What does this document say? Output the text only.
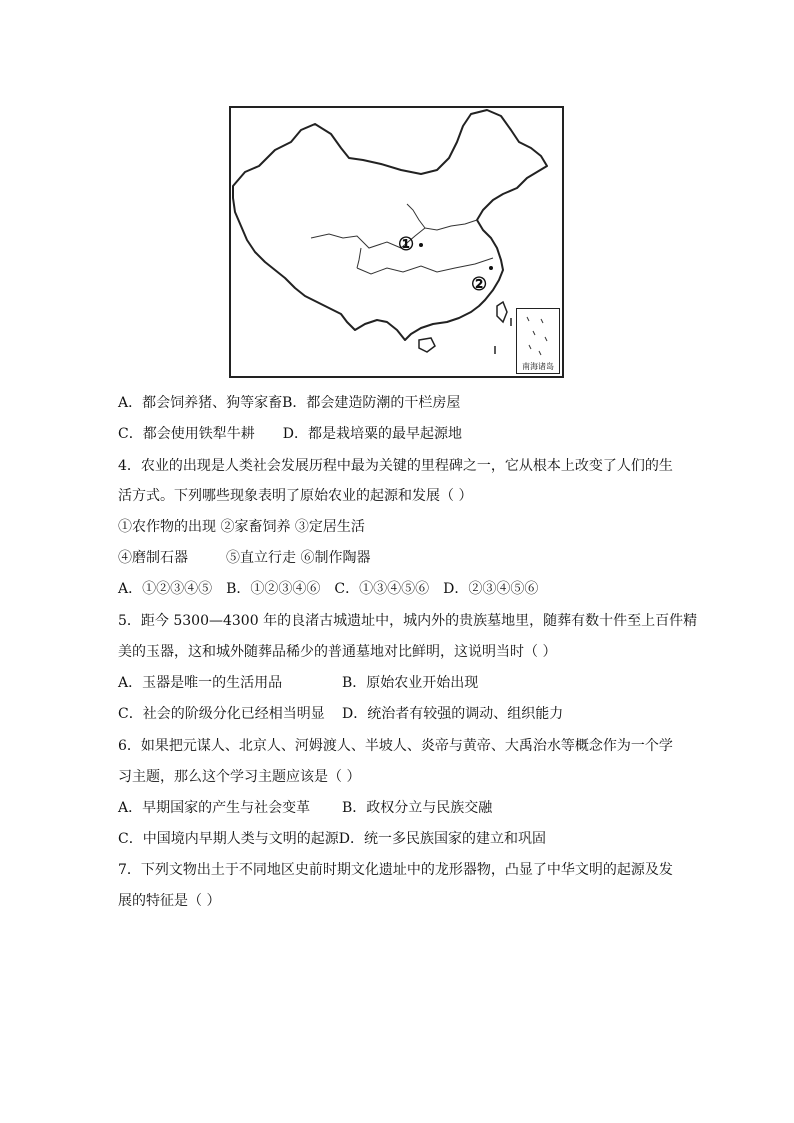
①
②
南海诸岛
A．都会饲养猪、狗等家畜B．都会建造防潮的干栏房屋
C．都会使用铁犁牛耕 D．都是栽培粟的最早起源地
4．农业的出现是人类社会发展历程中最为关键的里程碑之一，它从根本上改变了人们的生
活方式。下列哪些现象表明了原始农业的起源和发展（ ）
①农作物的出现 ②家畜饲养 ③定居生活
④磨制石器	⑤直立行走 ⑥制作陶器
A．①②③④⑤ B．①②③④⑥ C．①③④⑤⑥ D．②③④⑤⑥
5．距今 5300—4300 年的良渚古城遗址中，城内外的贵族墓地里，随葬有数十件至上百件精
美的玉器，这和城外随葬品稀少的普通墓地对比鲜明，这说明当时（ ）
A．玉器是唯一的生活用品	B．原始农业开始出现
C．社会的阶级分化已经相当明显 D．统治者有较强的调动、组织能力
6．如果把元谋人、北京人、河姆渡人、半坡人、炎帝与黄帝、大禹治水等概念作为一个学
习主题，那么这个学习主题应该是（ ）
A．早期国家的产生与社会变革 B．政权分立与民族交融
C．中国境内早期人类与文明的起源D．统一多民族国家的建立和巩固
7．下列文物出土于不同地区史前时期文化遗址中的龙形器物，凸显了中华文明的起源及发
展的特征是（ ）
